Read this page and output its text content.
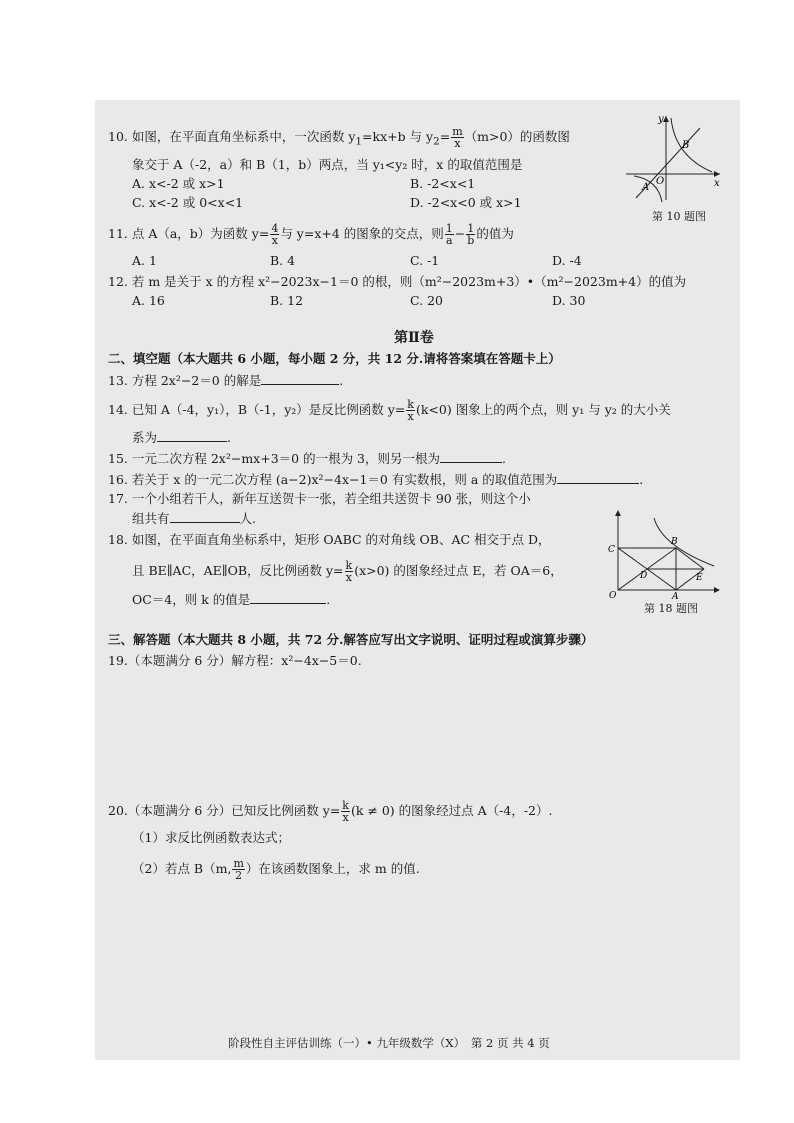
10. 如图，在平面直角坐标系中，一次函数 $y_1=kx+b$ 与 $y_2= \frac{m}{x} (m>0)$的函数图
象交于 A（-2，a）和 B（1，b）两点，当 y₁<y₂ 时，x 的取值范围是
A. x<-2 或 x>1	B. -2<x<1
C. x<-2 或 0<x<1	D. -2<x<0 或 x>1
y
x
B
A
O
第 10 题图
11. 点 A（a，b）为函数 $y= \frac{4}{x}$ 与 y=x+4 的图象的交点，则 $\frac{1}{a} - \frac{1}{b}$ 的值为
A. 1	B. 4	C. -1	D. -4
12. 若 m 是关于 x 的方程 x²−2023x−1＝0 的根，则（m²−2023m+3）•（m²−2023m+4）的值为
A. 16	B. 12	C. 20	D. 30
第Ⅱ卷
二、填空题（本大题共 6 小题，每小题 2 分，共 12 分.请将答案填在答题卡上）
13. 方程 2x²−2＝0 的解是	.
14. 已知 A（-4，y₁），B（-1，y₂）是反比例函数 $y= \frac{k}{x} (k<0)$ 图象上的两个点，则 y₁ 与 y₂ 的大小关
系为	.
15. 一元二次方程 2x²−mx+3＝0 的一根为 3，则另一根为	.
16. 若关于 x 的一元二次方程 (a−2)x²−4x−1＝0 有实数根，则 a 的取值范围为	.
17. 一个小组若干人，新年互送贺卡一张，若全组共送贺卡 90 张，则这个小
组共有	人.
18. 如图，在平面直角坐标系中，矩形 OABC 的对角线 OB、AC 相交于点 D，
且 BE∥AC，AE∥OB，反比例函数 $y= \frac{k}{x} (x>0)$ 的图象经过点 E，若 OA＝6，
OC＝4，则 k 的值是	.
C
B
D	E
O	A
第 18 题图
三、解答题（本大题共 8 小题，共 72 分.解答应写出文字说明、证明过程或演算步骤）
19.（本题满分 6 分）解方程：x²−4x−5＝0.
20.（本题满分 6 分）已知反比例函数 $y= \frac{k}{x} (k \ne 0)$ 的图象经过点 A（-4，-2）.
（1）求反比例函数表达式；
（2）若点 B（m, $\frac{m}{2}$ ）在该函数图象上，求 m 的值.
阶段性自主评估训练（一）• 九年级数学（X）　第 2 页 共 4 页
